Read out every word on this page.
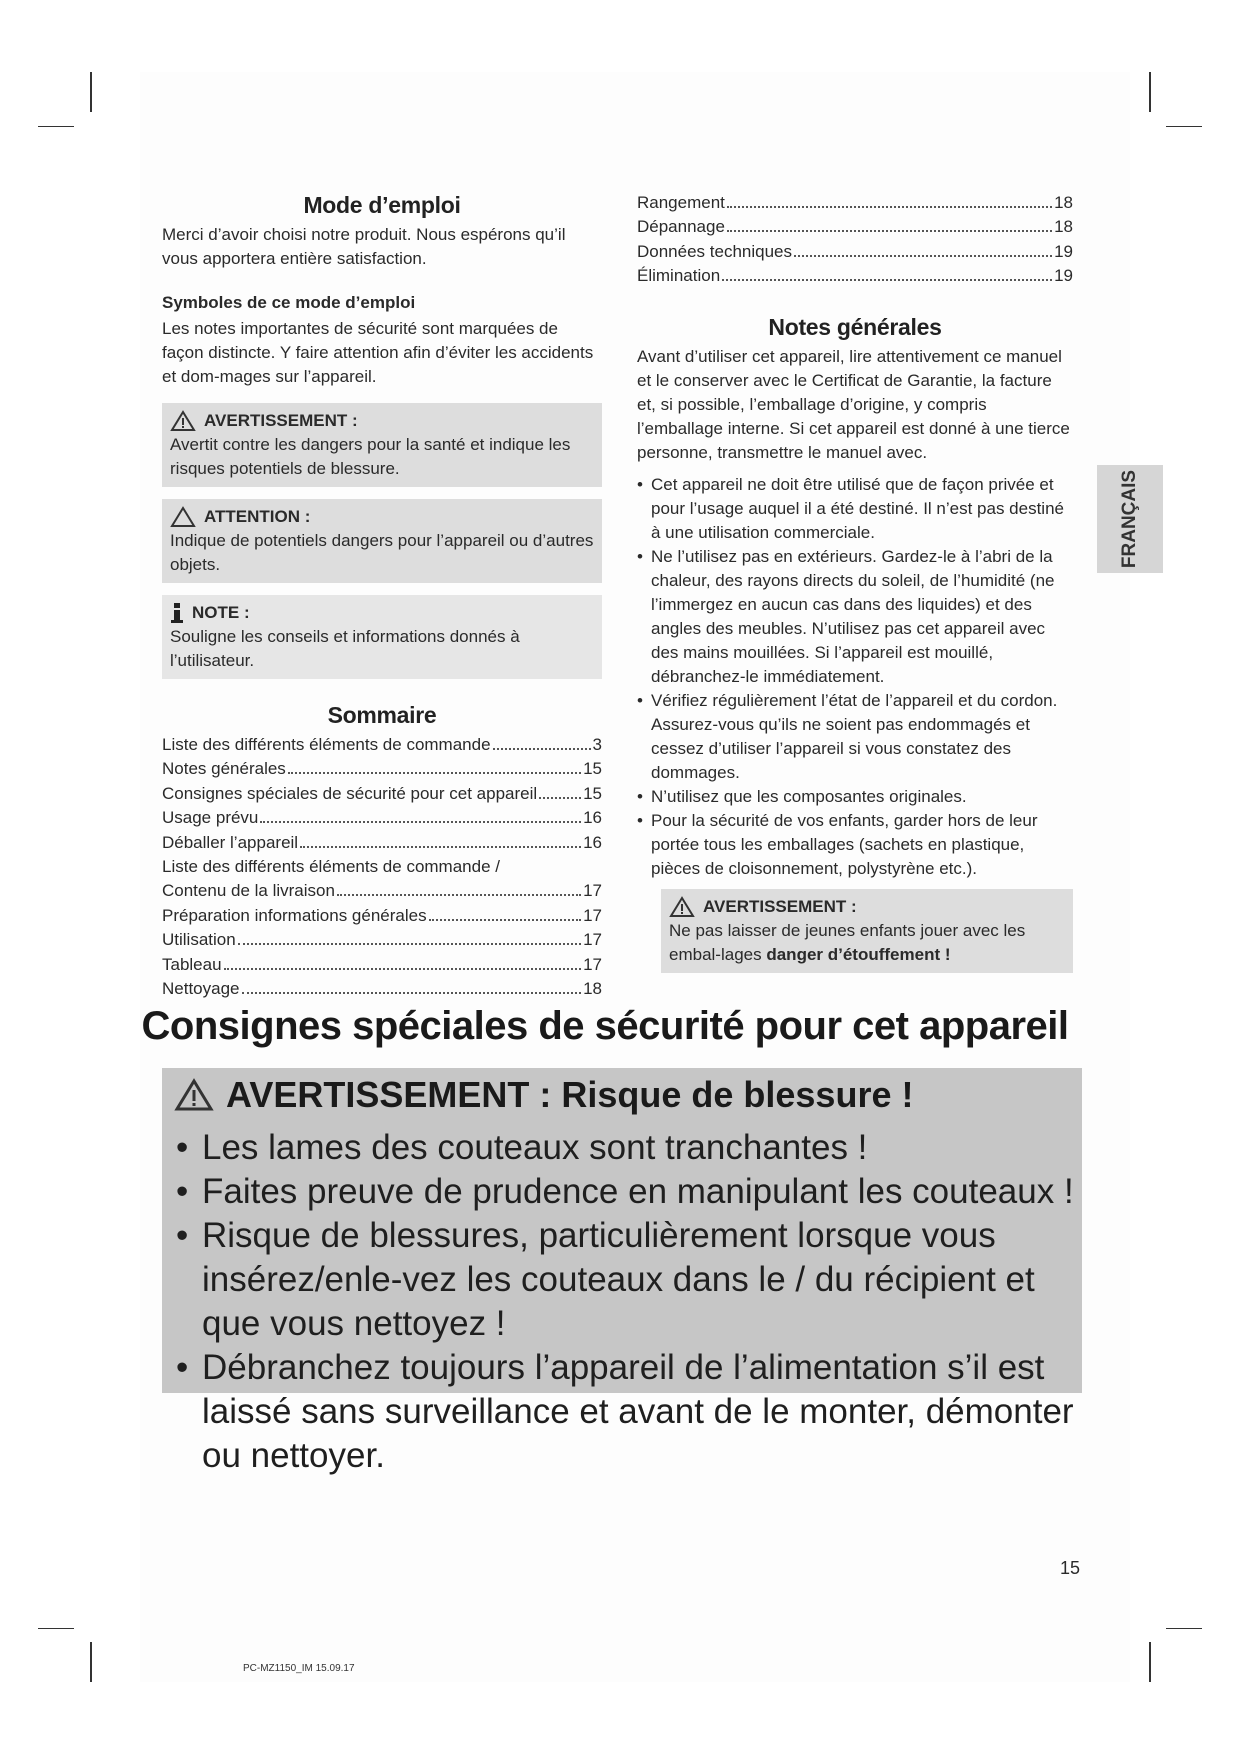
Mode d’emploi

Merci d’avoir choisi notre produit. Nous espérons qu’il vous apportera entière satisfaction.

Symboles de ce mode d’emploi

Les notes importantes de sécurité sont marquées de façon distincte. Y faire attention afin d’éviter les accidents et dom-mages sur l’appareil.

AVERTISSEMENT :

Avertit contre les dangers pour la santé et indique les risques potentiels de blessure.

ATTENTION :

Indique de potentiels dangers pour l’appareil ou d’autres objets.

NOTE :

Souligne les conseils et informations donnés à l’utilisateur.

Sommaire
Liste des différents éléments de commande	3
Notes générales	15
Consignes spéciales de sécurité pour cet appareil	15
Usage prévu	16
Déballer l’appareil	16
Liste des différents éléments de commande /
Contenu de la livraison	17
Préparation informations générales	17
Utilisation	17
Tableau	17
Nettoyage	18
Rangement	18
Dépannage	18
Données techniques	19
Élimination	19
Notes générales

Avant d’utiliser cet appareil, lire attentivement ce manuel et le conserver avec le Certificat de Garantie, la facture et, si possible, l’emballage d’origine, y compris l’emballage interne. Si cet appareil est donné à une tierce personne, transmettre le manuel avec.

• Cet appareil ne doit être utilisé que de façon privée et pour l’usage auquel il a été destiné. Il n’est pas destiné à une utilisation commerciale.
• Ne l’utilisez pas en extérieurs. Gardez-le à l’abri de la chaleur, des rayons directs du soleil, de l’humidité (ne l’immergez en aucun cas dans des liquides) et des angles des meubles. N’utilisez pas cet appareil avec des mains mouillées. Si l’appareil est mouillé, débranchez-le immédiatement.
• Vérifiez régulièrement l’état de l’appareil et du cordon. Assurez-vous qu’ils ne soient pas endommagés et cessez d’utiliser l’appareil si vous constatez des dommages.
• N’utilisez que les composantes originales.
• Pour la sécurité de vos enfants, garder hors de leur portée tous les emballages (sachets en plastique, pièces de cloisonnement, polystyrène etc.).
AVERTISSEMENT :

Ne pas laisser de jeunes enfants jouer avec les embal-lages danger d’étouffement !

FRANÇAIS
Consignes spéciales de sécurité pour cet appareil
AVERTISSEMENT : Risque de blessure !
• Les lames des couteaux sont tranchantes !
• Faites preuve de prudence en manipulant les couteaux !
• Risque de blessures, particulièrement lorsque vous insérez/enle-vez les couteaux dans le / du récipient et que vous nettoyez !
• Débranchez toujours l’appareil de l’alimentation s’il est laissé sans surveillance et avant de le monter, démonter ou nettoyer.
15
PC-MZ1150_IM 15.09.17
